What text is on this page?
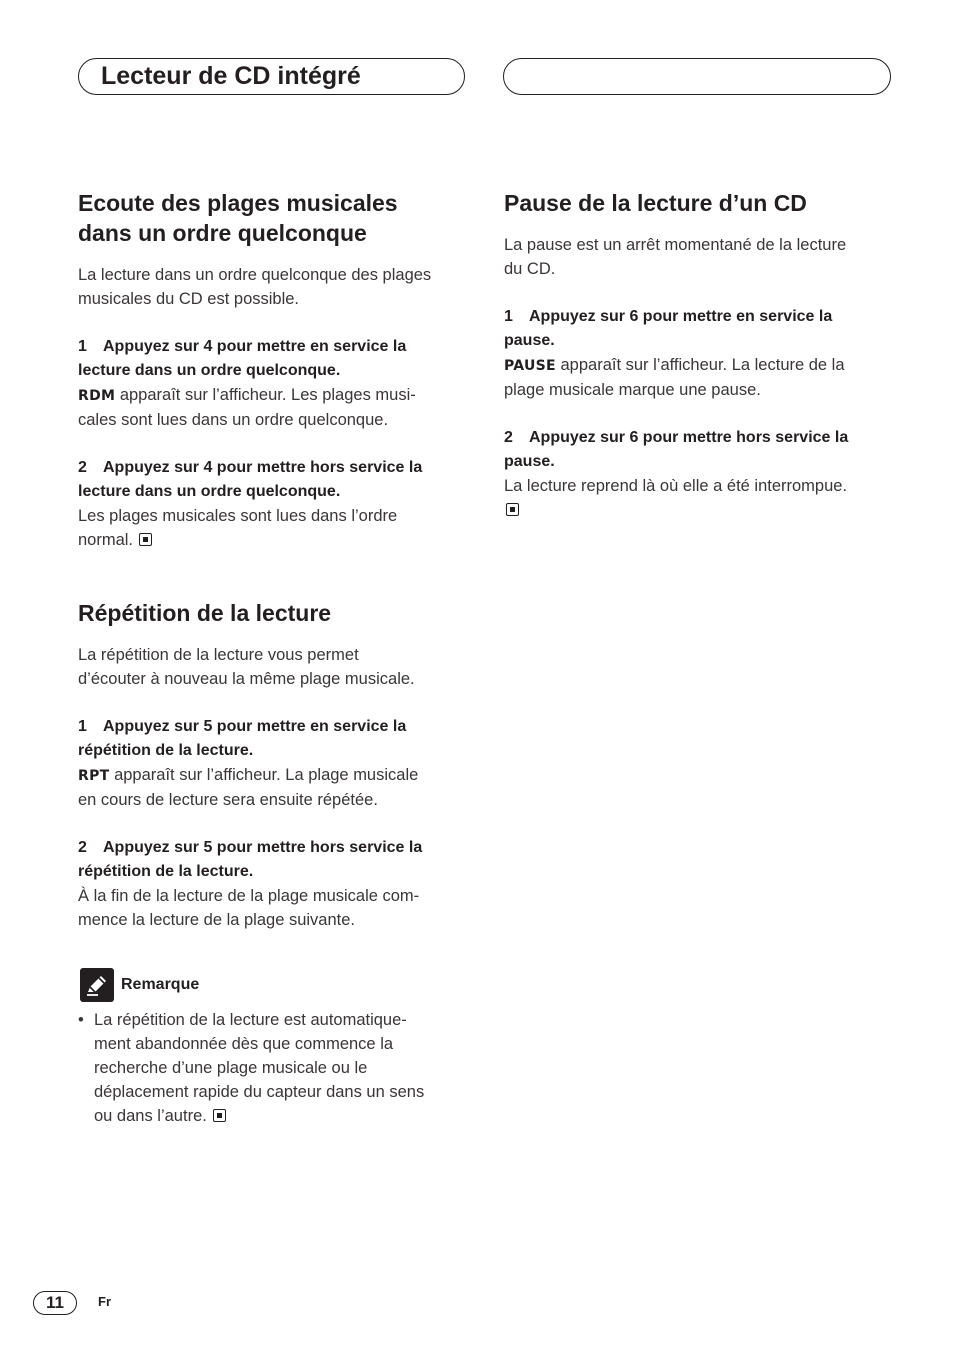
Lecteur de CD intégré
Ecoute des plages musicales
dans un ordre quelconque

La lecture dans un ordre quelconque des plages
musicales du CD est possible.

1 Appuyez sur 4 pour mettre en service la
lecture dans un ordre quelconque.

RDM apparaît sur l’afficheur. Les plages musi-
cales sont lues dans un ordre quelconque.

2 Appuyez sur 4 pour mettre hors service la
lecture dans un ordre quelconque.

Les plages musicales sont lues dans l’ordre
normal.

Répétition de la lecture

La répétition de la lecture vous permet
d’écouter à nouveau la même plage musicale.

1 Appuyez sur 5 pour mettre en service la
répétition de la lecture.

RPT apparaît sur l’afficheur. La plage musicale
en cours de lecture sera ensuite répétée.

2 Appuyez sur 5 pour mettre hors service la
répétition de la lecture.

À la fin de la lecture de la plage musicale com-
mence la lecture de la plage suivante.

Remarque
• La répétition de la lecture est automatique-
ment abandonnée dès que commence la
recherche d’une plage musicale ou le
déplacement rapide du capteur dans un sens
ou dans l’autre.

Pause de la lecture d’un CD

La pause est un arrêt momentané de la lecture
du CD.

1 Appuyez sur 6 pour mettre en service la
pause.

PAUSE apparaît sur l’afficheur. La lecture de la
plage musicale marque une pause.

2 Appuyez sur 6 pour mettre hors service la
pause.

La lecture reprend là où elle a été interrompue.

11	Fr
